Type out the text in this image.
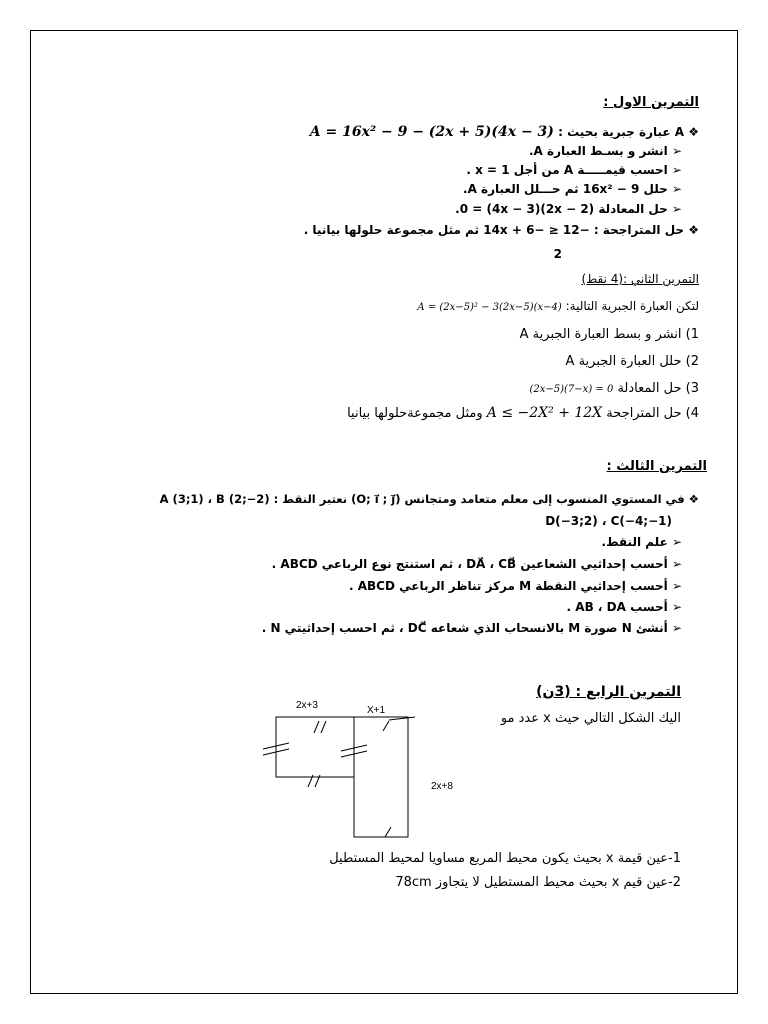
التمرين الاول :
❖ A عبارة جبرية بحيث : A = 16x² − 9 − (2x + 5)(4x − 3)
➢ انشر و بسـط العبارة A.
➢ احسب قيمـــــة A من أجل x = 1 .
➢ حلل 16x² − 9 ثم حـــلل العبارة A.
➢ حل المعادلة (2x − 2)(4x − 3) = 0.
❖ حل المتراجحة : −12 ≤ −14x + 6 ثم مثل مجموعة حلولها بيانيا .
2
التمرين الثاني :(4 نقط)
لتكن العبارة الجبرية التالية: A = (2x−5)² − 3(2x−5)(x−4)
1) انشر و بسط العبارة الجبرية A
2) حلل العبارة الجبرية A
3) حل المعادلة (2x−5)(7−x) = 0
4) حل المتراجحة A ≤ −2X² + 12X ومثل مجموعةحلولها بيانيا
التمرين الثالث :
❖ في المستوي المنسوب إلى معلم متعامد ومتجانس (O; i⃗ ; j⃗) نعتبر النقط : A (3;1) ، B (2;−2)
D(−3;2) ، C(−4;−1)
➢ علم النقط.
➢ أحسب إحداثيي الشعاعين DA⃗ ، CB⃗ ، ثم استنتج نوع الرباعي ABCD .
➢ أحسب إحداثيي النقطة M مركز تناظر الرباعي ABCD .
➢ أحسب AB ، DA .
➢ أنشئ N صورة M بالانسحاب الذي شعاعه DC⃗ ، ثم احسب إحداثيتي N .
التمرين الرابع : (3ن)
اليك الشكل التالي حيث x عدد مو
2x+3	X+1
2x+8
1-عين قيمة x بحيث يكون محيط المربع مساويا لمحيط المستطيل
2-عين قيم x بحيث محيط المستطيل لا يتجاوز 78cm
